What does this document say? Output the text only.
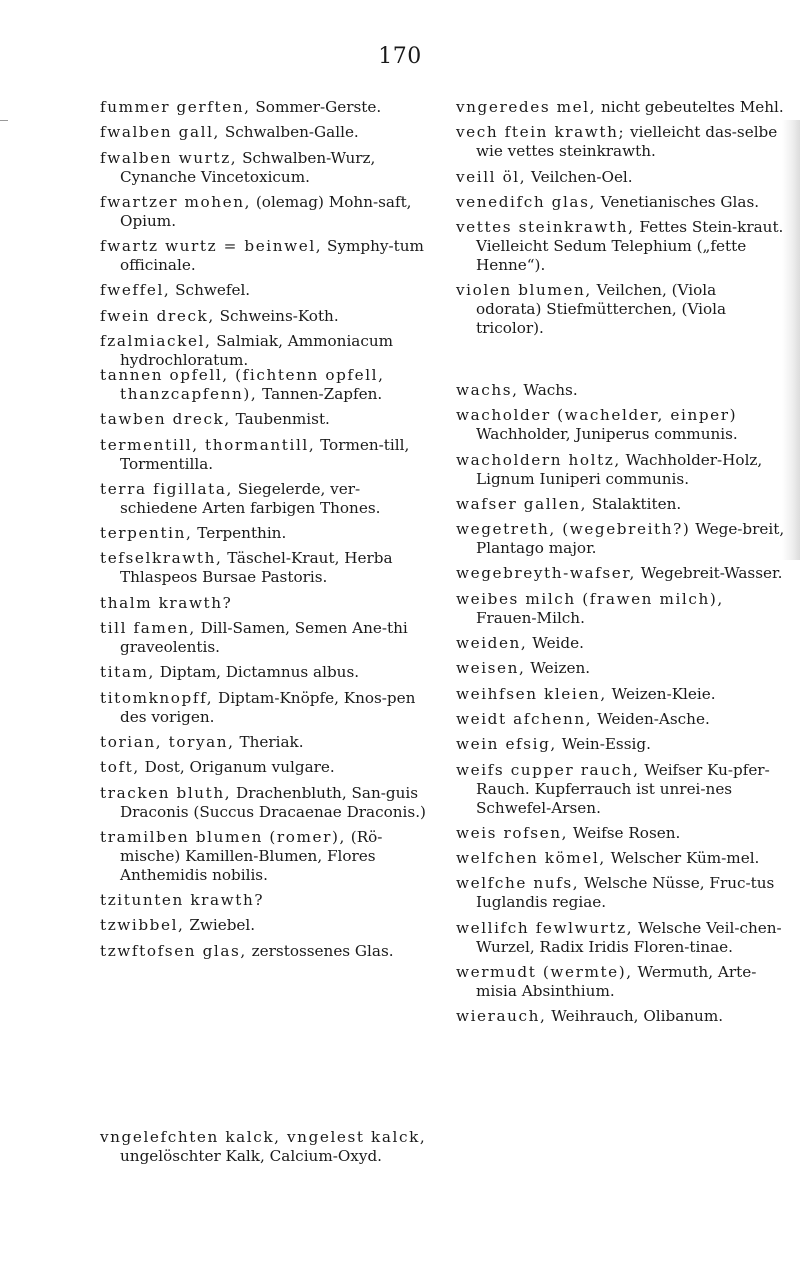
170
fummer gerften, Sommer-Gerste.
fwalben gall, Schwalben-Galle.
fwalben wurtz, Schwalben-Wurz, Cynanche Vincetoxicum.
fwartzer mohen, (olemag) Mohn-saft, Opium.
fwartz wurtz = beinwel, Symphy-tum officinale.
fweffel, Schwefel.
fwein dreck, Schweins-Koth.
fzalmiackel, Salmiak, Ammoniacum hydrochloratum.
tannen opfell, (fichtenn opfell, thanzcapfenn), Tannen-Zapfen.
tawben dreck, Taubenmist.
termentill, thormantill, Tormen-till, Tormentilla.
terra figillata, Siegelerde, ver-schiedene Arten farbigen Thones.
terpentin, Terpenthin.
tefselkrawth, Täschel-Kraut, Herba Thlaspeos Bursae Pastoris.
thalm krawth?
till famen, Dill-Samen, Semen Ane-thi graveolentis.
titam, Diptam, Dictamnus albus.
titomknopff, Diptam-Knöpfe, Knos-pen des vorigen.
torian, toryan, Theriak.
toft, Dost, Origanum vulgare.
tracken bluth, Drachenbluth, San-guis Draconis (Succus Dracaenae Draconis.)
tramilben blumen (romer), (Rö-mische) Kamillen-Blumen, Flores Anthemidis nobilis.
tzitunten krawth?
tzwibbel, Zwiebel.
tzwftofsen glas, zerstossenes Glas.
vngelefchten kalck, vngelest kalck, ungelöschter Kalk, Calcium-Oxyd.
vngeredes mel, nicht gebeuteltes Mehl.
vech ftein krawth; vielleicht das-selbe wie vettes steinkrawth.
veill öl, Veilchen-Oel.
venedifch glas, Venetianisches Glas.
vettes steinkrawth, Fettes Stein-kraut. Vielleicht Sedum Telephium („fette Henne“).
violen blumen, Veilchen, (Viola odorata) Stiefmütterchen, (Viola tricolor).
wachs, Wachs.
wacholder (wachelder, einper) Wachholder, Juniperus communis.
wacholdern holtz, Wachholder-Holz, Lignum Iuniperi communis.
wafser gallen, Stalaktiten.
wegetreth, (wegebreith?) Wege-breit, Plantago major.
wegebreyth-wafser, Wegebreit-Wasser.
weibes milch (frawen milch), Frauen-Milch.
weiden, Weide.
weisen, Weizen.
weihfsen kleien, Weizen-Kleie.
weidt afchenn, Weiden-Asche.
wein efsig, Wein-Essig.
weifs cupper rauch, Weifser Ku-pfer-Rauch. Kupferrauch ist unrei-nes Schwefel-Arsen.
weis rofsen, Weifse Rosen.
welfchen kömel, Welscher Küm-mel.
welfche nufs, Welsche Nüsse, Fruc-tus Iuglandis regiae.
wellifch fewlwurtz, Welsche Veil-chen-Wurzel, Radix Iridis Floren-tinae.
wermudt (wermte), Wermuth, Arte-misia Absinthium.
wierauch, Weihrauch, Olibanum.
